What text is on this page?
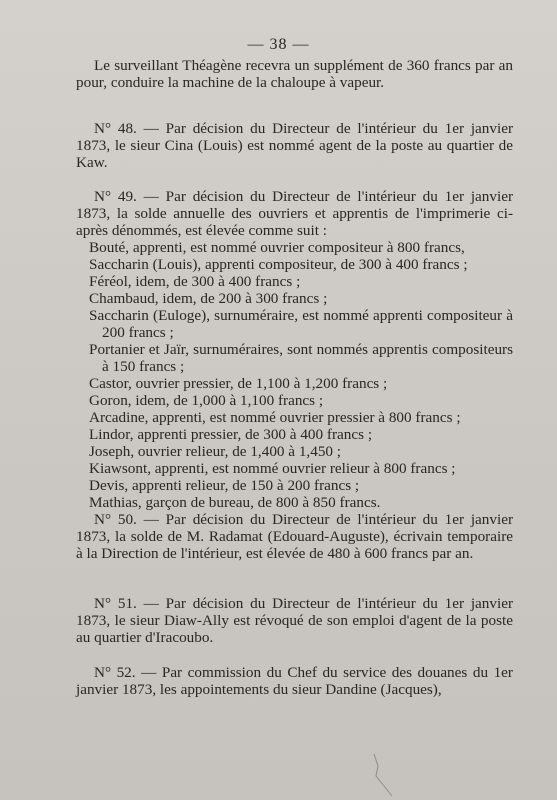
— 38 —

Le surveillant Théagène recevra un supplément de 360 francs par an pour, conduire la machine de la chaloupe à vapeur.

N° 48. — Par décision du Directeur de l'intérieur du 1er janvier 1873, le sieur Cina (Louis) est nommé agent de la poste au quartier de Kaw.

N° 49. — Par décision du Directeur de l'intérieur du 1er janvier 1873, la solde annuelle des ouvriers et apprentis de l'imprimerie ci-après dénommés, est élevée comme suit :

Bouté, apprenti, est nommé ouvrier compositeur à 800 francs,

Saccharin (Louis), apprenti compositeur, de 300 à 400 francs ;

Féréol, idem, de 300 à 400 francs ;

Chambaud, idem, de 200 à 300 francs ;

Saccharin (Euloge), surnuméraire, est nommé apprenti compositeur à 200 francs ;

Portanier et Jaïr, surnuméraires, sont nommés apprentis compositeurs à 150 francs ;

Castor, ouvrier pressier, de 1,100 à 1,200 francs ;

Goron, idem, de 1,000 à 1,100 francs ;

Arcadine, apprenti, est nommé ouvrier pressier à 800 francs ;

Lindor, apprenti pressier, de 300 à 400 francs ;

Joseph, ouvrier relieur, de 1,400 à 1,450 ;

Kiawsont, apprenti, est nommé ouvrier relieur à 800 francs ;

Devis, apprenti relieur, de 150 à 200 francs ;

Mathias, garçon de bureau, de 800 à 850 francs.

N° 50. — Par décision du Directeur de l'intérieur du 1er janvier 1873, la solde de M. Radamat (Edouard-Auguste), écrivain temporaire à la Direction de l'intérieur, est élevée de 480 à 600 francs par an.

N° 51. — Par décision du Directeur de l'intérieur du 1er janvier 1873, le sieur Diaw-Ally est révoqué de son emploi d'agent de la poste au quartier d'Iracoubo.

N° 52. — Par commission du Chef du service des douanes du 1er janvier 1873, les appointements du sieur Dandine (Jacques),
